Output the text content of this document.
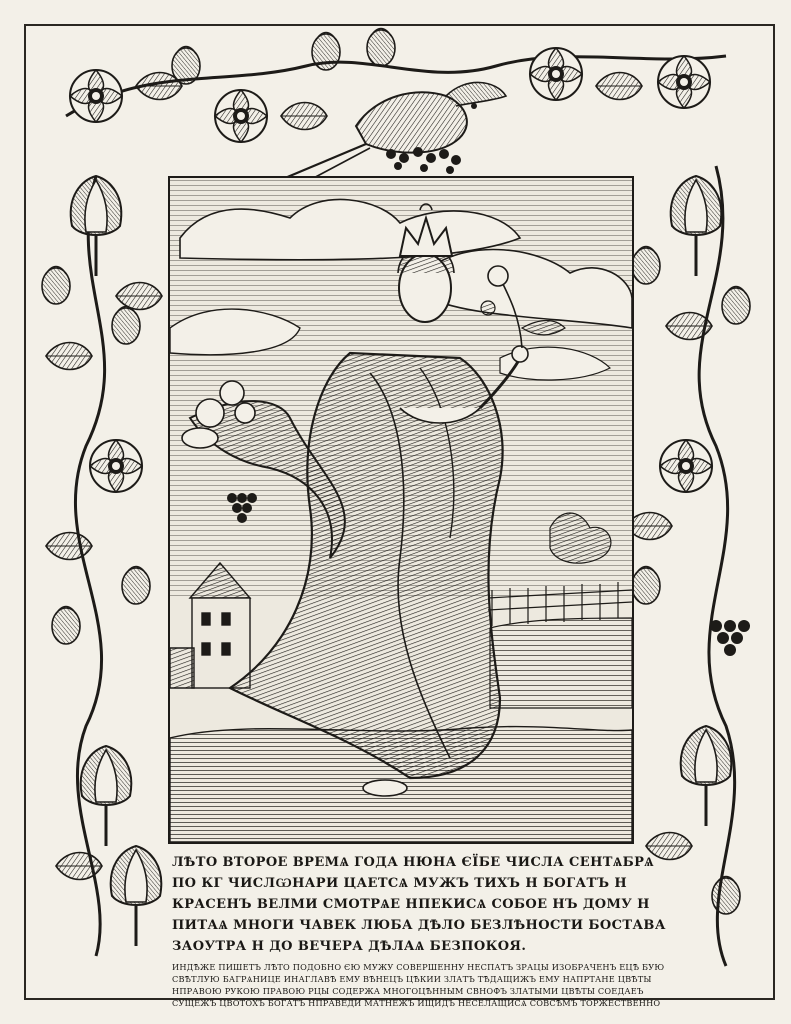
ЛѢТО ВТОРОЕ ВРЕМѦ ГОДА НЮНА ЄЇБЕ ЧИСЛА СЕНТѦБРѦ ПО КГ ЧИСЛѠНАРИ ЦАЕТСѦ МУЖЪ ТИХЪ Н БОГАТЪ Н КРАСЕНЪ ВЕЛМИ СМОТРѦЕ НПЕКИСѦ СОБОЕ НЪ ДОМУ Н ПИТАѦ МНОГИ ЧАВЕК ЛЮБА ДѢЛО БЕЗЛѢНОСТИ БОСТАВА ЗАОУТРА Н ДО ВЕЧЕРА ДѢЛАѦ БЕЗПОКОЯ.

ИНДѢЖЕ ПИШЕТЪ ЛѢТО ПОДОБНО ЄЮ МУЖУ СОВЕРШЕННУ НЕСПАТЪ ЗРАЦЫ ИЗОБРАЧЕНЪ ЕЦѢ БУЮ СВѢТЛУЮ БАГРѦНИЦЕ ИНАГЛАВѢ ЕМУ ВѢНЕЦЪ ЦѢКИИ ЗЛАТЪ ТѢДАЩИЖЪ ЕМУ НАПРТАНЕ ЦВѢТЫ НПРАВОЮ РУКОЮ ПРАВОЮ РЦЫ СОДЕРЖА МНОГОЦѢННЫМ СВНОФЪ ЗЛАТЫМИ ЦВѢТЫ СОЕДАЕЪ СУЩЕЖЪ ЦВОТОХЪ БОГАТЪ НПРАВЕДИ МАТНЕЖЪ ИЩИДЪ НЕСЕЛАЩИСѦ СОВСѢМЪ ТОРЖЕСТВЕННО
